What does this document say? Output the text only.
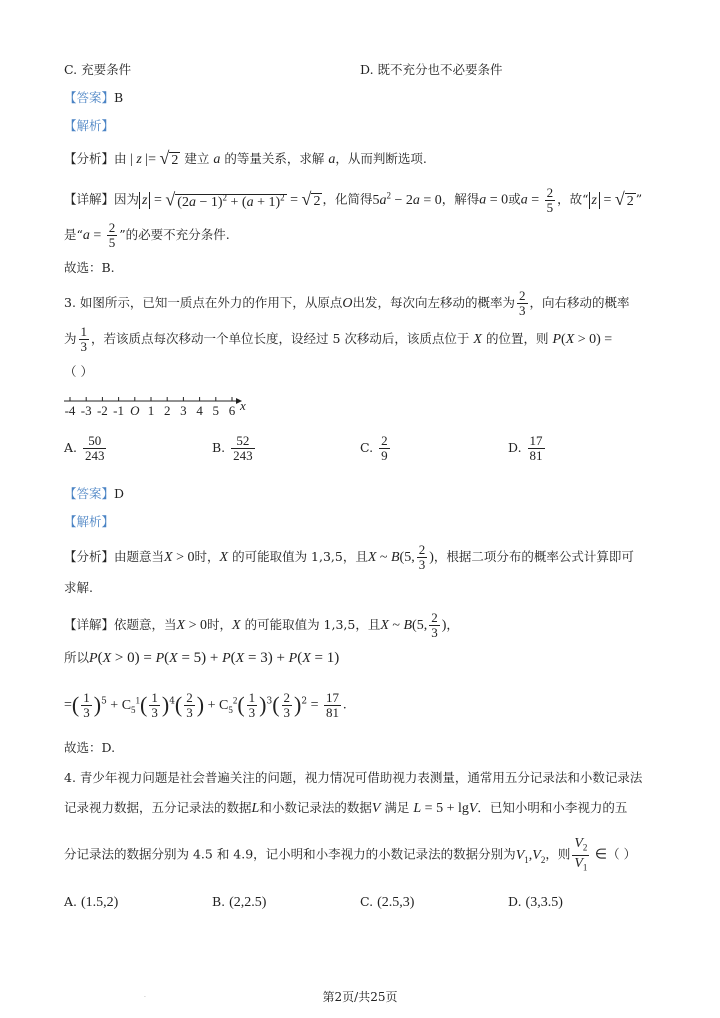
C. 充要条件	D. 既不充分也不必要条件
【答案】B
【解析】
【分析】由 | z |= √ 2 建立 a 的等量关系，求解 a，从而判断选项.
【详解】因为 z = √ $(2a - 1)^2 + (a + 1)^2$ = √ 2 ，化简得$5a^2 - 2a = 0$，解得a = 0或$a = \frac{2}{5}$ ，故“ z = √ 2 ”
是“$a = \frac{2}{5}$ ”的必要不充分条件.
故选：B.
3. 如图所示，已知一质点在外力的作用下，从原点O出发，每次向左移动的概率为 $\frac{2}{3}$ ，向右移动的概率
为 $\frac{1}{3}$ ，若该质点每次移动一个单位长度，设经过 5 次移动后，该质点位于 X 的位置，则 P(X > 0) =
（ ）
-4 -3 -2 -1 O 1 2 3 4 5 6 x
A. $\frac{50}{243}$	B. $\frac{52}{243}$	C. $\frac{2}{9}$	D. $\frac{17}{81}$
【答案】D
【解析】
【分析】由题意当X > 0时，X 的可能取值为 1,3,5，且X ~ B(5, $\frac{2}{3}$ )，根据二项分布的概率公式计算即可
求解.
【详解】依题意，当X > 0时，X 的可能取值为 1,3,5，且X ~ B(5, $\frac{2}{3}$ )，
所以P(X > 0) = P(X = 5) + P(X = 3) + P(X = 1)
=( $\frac{1}{3} )^5 + C_5^1( \frac{1}{3} )^4( \frac{2}{3}$ ) + $C_5^2( \frac{1}{3} )^3( \frac{2}{3} )^2 = \frac{17}{81}$ .
故选：D.
4. 青少年视力问题是社会普遍关注的问题，视力情况可借助视力表测量，通常用五分记录法和小数记录法
记录视力数据，五分记录法的数据L和小数记录法的数据V 满足 L = 5 + lgV．已知小明和小李视力的五
分记录法的数据分别为 4.5 和 4.9，记小明和小李视力的小数记录法的数据分别为$V_1,V_2$，则 $\frac{V_2}{V_1}$ ∈（ ）
A. (1.5,2)	B. (2,2.5)	C. (2.5,3)	D. (3,3.5)
·	第2页/共25页
